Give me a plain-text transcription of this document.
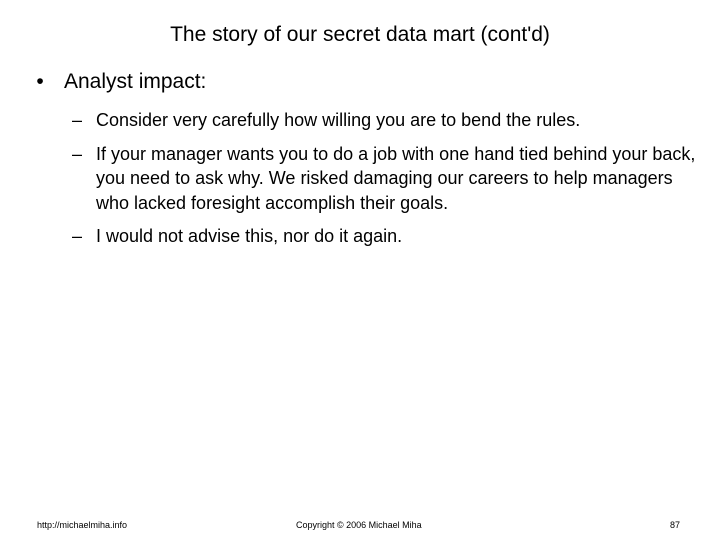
The story of our secret data mart (cont'd)
• Analyst impact:
– Consider very carefully how willing you are to bend the rules.
– If your manager wants you to do a job with one hand tied behind your back, you need to ask why. We risked damaging our careers to help managers who lacked foresight accomplish their goals.
– I would not advise this, nor do it again.
http://michaelmiha.info	Copyright © 2006 Michael Miha	87
